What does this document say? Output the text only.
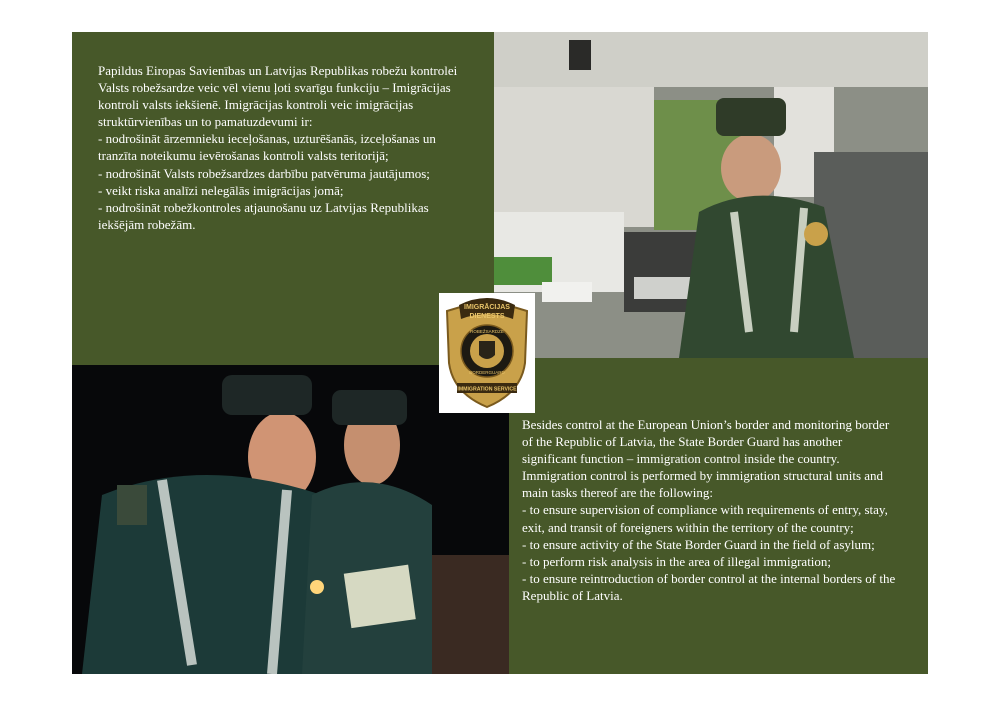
Papildus Eiropas Savienības un Latvijas Republikas robežu kontrolei Valsts robežsardze veic vēl vienu ļoti svarīgu funkciju – Imigrācijas kontroli valsts iekšienē. Imigrācijas kontroli veic imigrācijas struktūrvienības un to pamatuzdevumi ir:

- nodrošināt ārzemnieku ieceļošanas, uzturēšanās, izceļošanas un tranzīta noteikumu ievērošanas kontroli valsts teritorijā;

- nodrošināt Valsts robežsardzes darbību patvēruma jautājumos;

- veikt riska analīzi nelegālās imigrācijas jomā;

- nodrošināt robežkontroles atjaunošanu uz Latvijas Republikas iekšējām robežām.

Besides control at the European Union’s border and monitoring border of the Republic of Latvia, the State Border Guard has another significant function – immigration control inside the country. Immigration control is performed by immigration structural units and main tasks thereof are the following:

- to ensure supervision of compliance with requirements of entry, stay, exit, and transit of foreigners within the territory of the country;

- to ensure activity of the State Border Guard in the field of asylum;

- to perform risk analysis in the area of illegal immigration;

- to ensure reintroduction of border control at the internal borders of the Republic of Latvia.

IMIGRĀCIJAS
DIENESTS
ROBEŽSARDZE
BORDERGUARD
IMMIGRATION SERVICE
